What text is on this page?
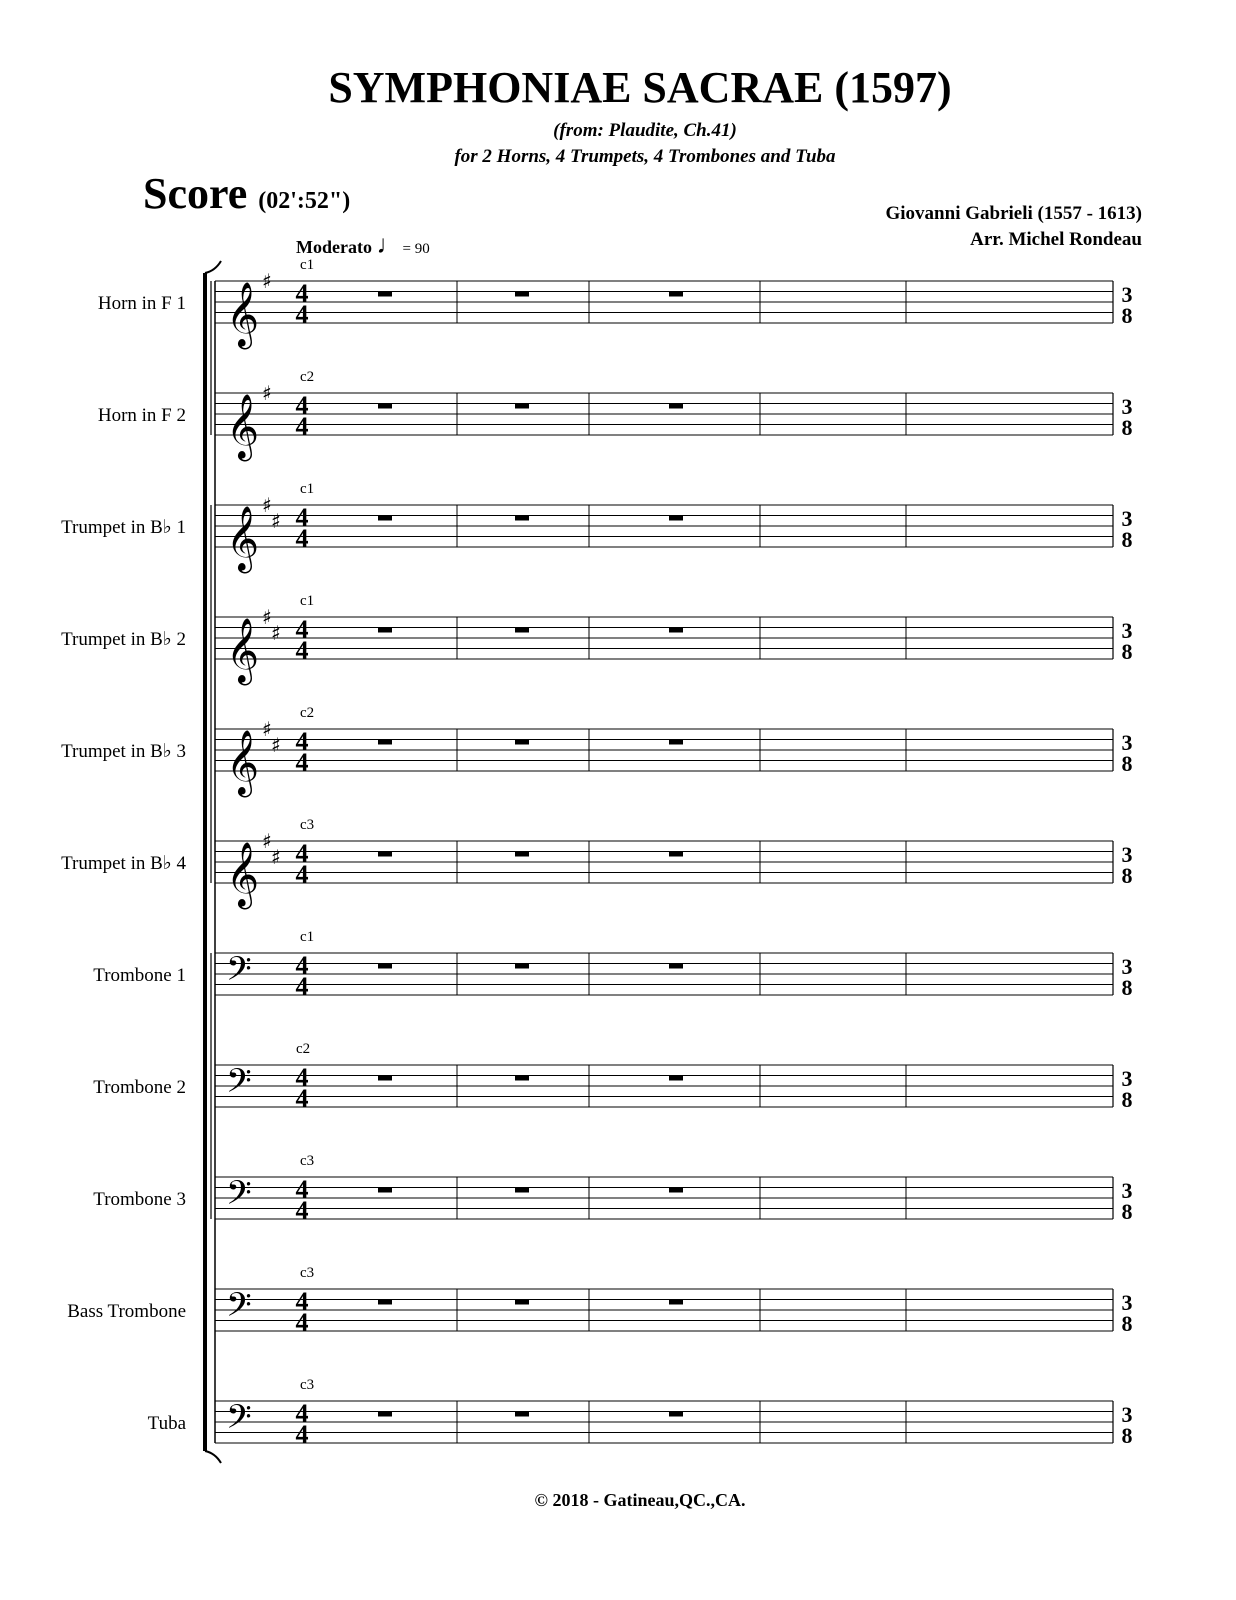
SYMPHONIAE SACRAE (1597)
(from: Plaudite, Ch.41)
for 2 Horns, 4 Trumpets, 4 Trombones and Tuba
Score (02':52")	Giovanni Gabrieli (1557 - 1613)
Arr. Michel Rondeau
Moderato ♩= 90
© 2018 - Gatineau,QC.,CA.
Horn in F 1 𝄞
♯ 4
4
3
8
c1
Horn in F 2 𝄞
♯ 4
4
3
8
c2
Trumpet in B♭ 1 𝄞
♯
♯ 4
4
3
8
c1
Trumpet in B♭ 2 𝄞
♯
♯ 4
4
3
8
c1
Trumpet in B♭ 3 𝄞
♯
♯ 4
4
3
8
c2
Trumpet in B♭ 4 𝄞
♯
♯ 4
4
3
8
c3
Trombone 1 𝄢 4
4
3
8
c1
Trombone 2 𝄢 4
4
3
8
c2
Trombone 3 𝄢 4
4
3
8
c3
Bass Trombone 𝄢 4
4
3
8
c3
Tuba 𝄢 4
4
3
8
c3
